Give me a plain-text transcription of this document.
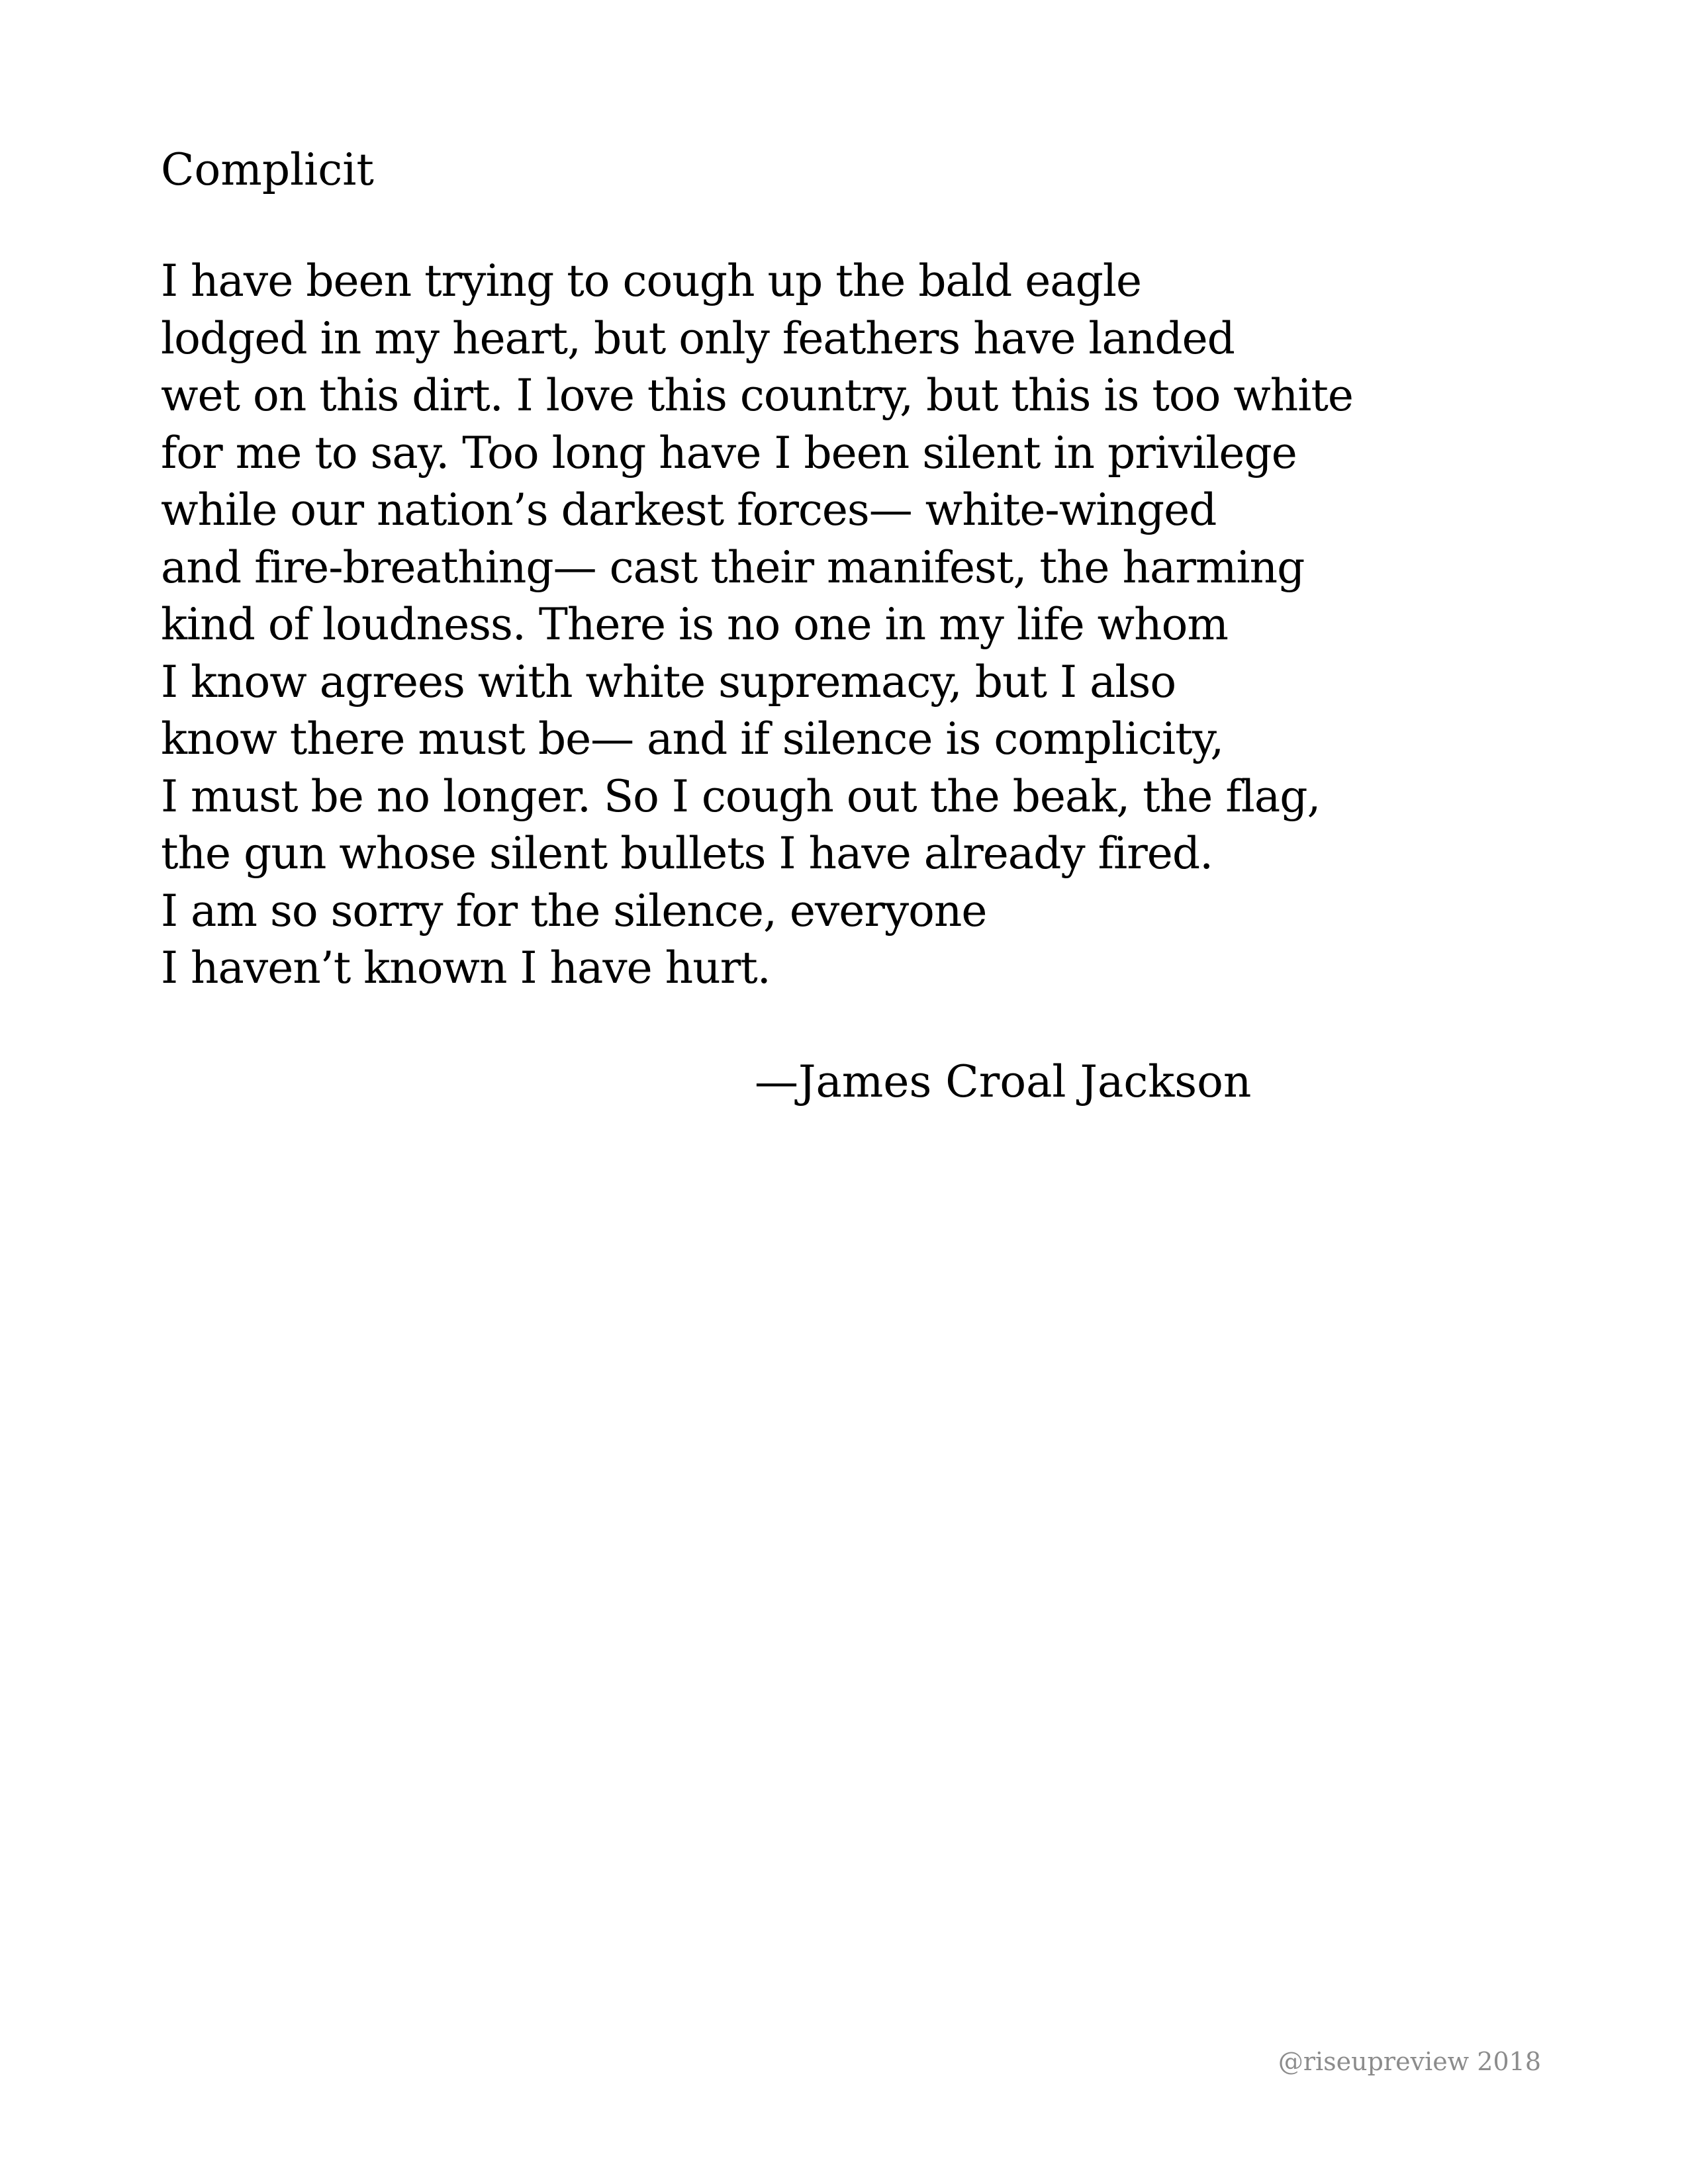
Complicit
I have been trying to cough up the bald eagle
lodged in my heart, but only feathers have landed
wet on this dirt. I love this country, but this is too white
for me to say. Too long have I been silent in privilege
while our nation’s darkest forces— white-winged
and fire-breathing— cast their manifest, the harming
kind of loudness. There is no one in my life whom
I know agrees with white supremacy, but I also
know there must be— and if silence is complicity,
I must be no longer. So I cough out the beak, the flag,
the gun whose silent bullets I have already fired.
I am so sorry for the silence, everyone
I haven’t known I have hurt.
—James Croal Jackson
@riseupreview 2018
